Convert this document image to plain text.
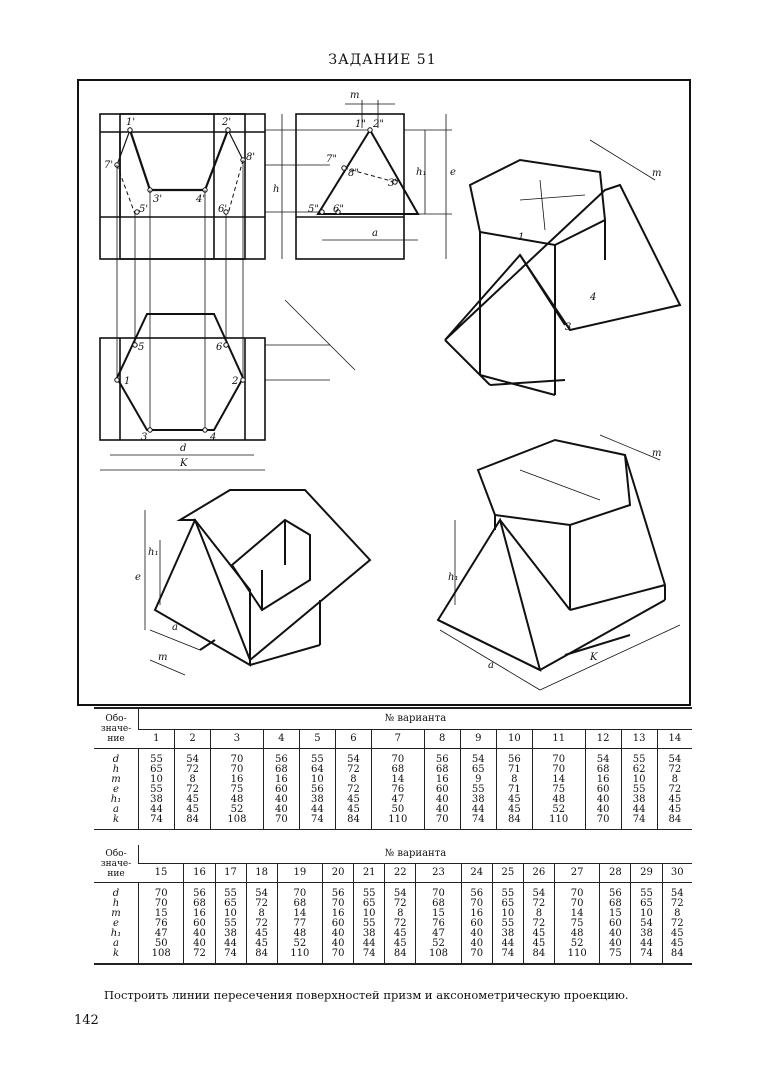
ЗАДАНИЕ 51
1'	2'
7'
8'
3'	4'
5'	6'
1" 2"
7"
8"
3"
5" 6"
m
h
h₁ e
a
d
K
5	6
1	2
3	4
1
3
4
m
h₁
e
a
m
h₁
a
K
m
Обо-
значе-
ние	№ варианта													
	1	2	3	4	5	6	7	8	9	10	11	12	13	14
d	55	54	70	56	55	54	70	56	54	56	70	54	55	54
h	65	72	70	68	64	72	68	68	65	71	70	68	62	72
m	10	8	16	16	10	8	14	16	9	8	14	16	10	8
e	55	72	75	60	56	72	76	60	55	71	75	60	55	72
h₁	38	45	48	40	38	45	47	40	38	45	48	40	38	45
a	44	45	52	40	44	45	50	40	44	45	52	40	44	45
k	74	84	108	70	74	84	110	70	74	84	110	70	74	84
Обо-
значе-
ние	№ варианта															
	15	16	17	18	19	20	21	22	23	24	25	26	27	28	29	30
d	70	56	55	54	70	56	55	54	70	56	55	54	70	56	55	54
h	70	68	65	72	68	70	65	72	68	70	65	72	70	68	65	72
m	15	16	10	8	14	16	10	8	15	16	10	8	14	15	10	8
e	76	60	55	72	77	60	55	72	76	60	55	72	75	60	54	72
h₁	47	40	38	45	48	40	38	45	47	40	38	45	48	40	38	45
a	50	40	44	45	52	40	44	45	52	40	44	45	52	40	44	45
k	108	72	74	84	110	70	74	84	108	70	74	84	110	75	74	84
Построить линии пересечения поверхностей призм и аксонометрическую проекцию.
142
